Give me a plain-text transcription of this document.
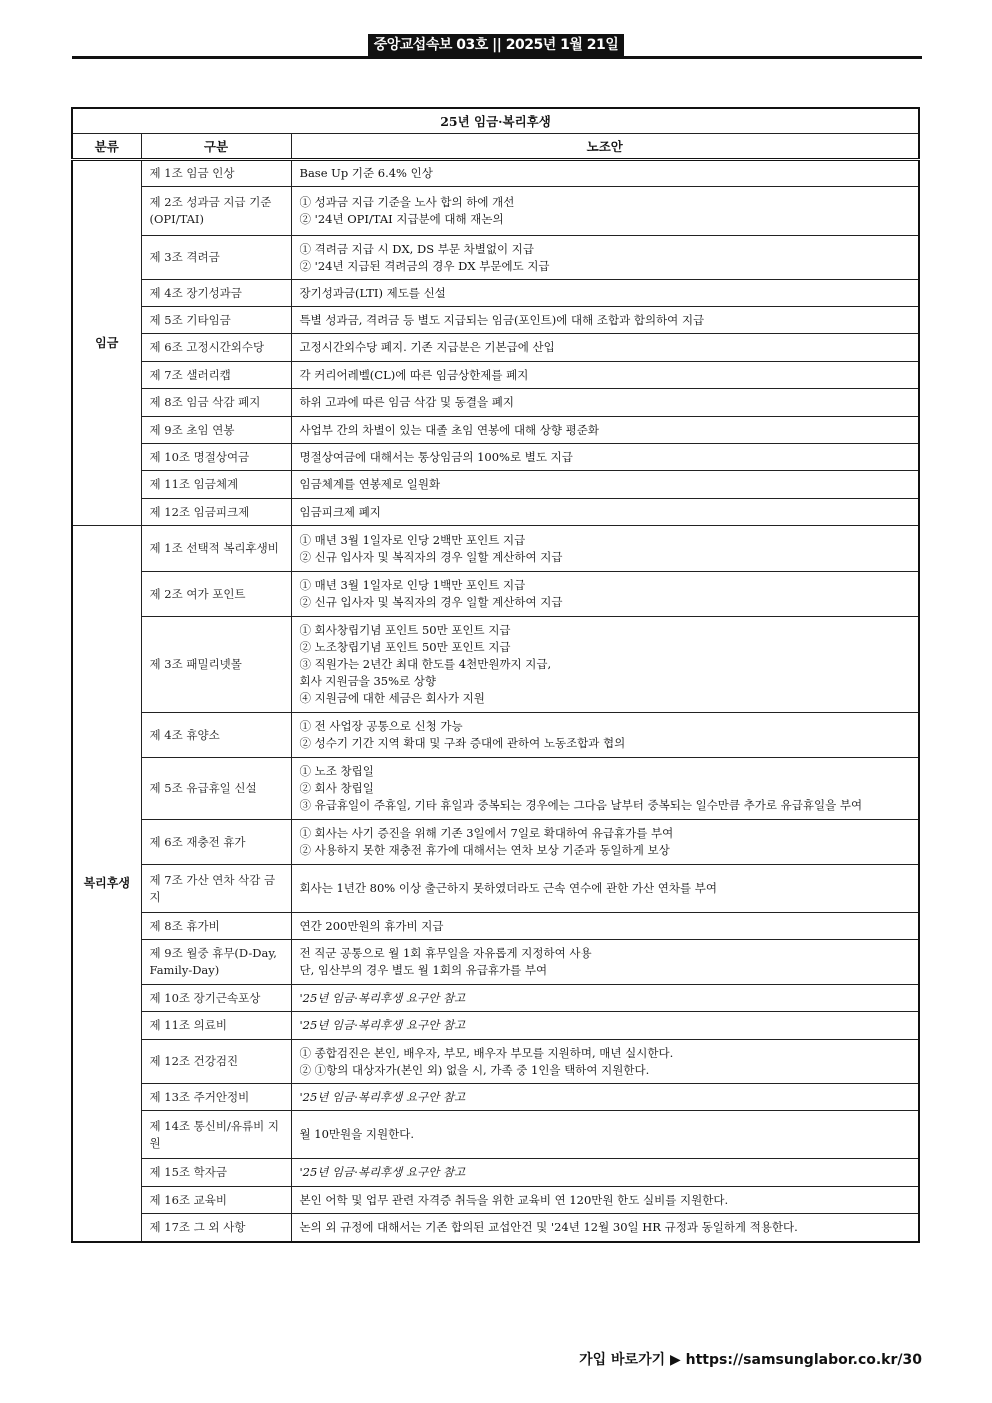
중앙교섭속보 03호 || 2025년 1월 21일
25년 임금·복리후생		
분류	구분	노조안
임금	제 1조 임금 인상	Base Up 기준 6.4% 인상

	제 2조 성과금 지급 기준(OPI/TAI)	① 성과금 지급 기준을 노사 합의 하에 개선
② '24년 OPI/TAI 지급분에 대해 재논의

	제 3조 격려금	① 격려금 지급 시 DX, DS 부문 차별없이 지급
② '24년 지급된 격려금의 경우 DX 부문에도 지급

	제 4조 장기성과금	장기성과금(LTI) 제도를 신설

	제 5조 기타임금	특별 성과금, 격려금 등 별도 지급되는 임금(포인트)에 대해 조합과 합의하여 지급

	제 6조 고정시간외수당	고정시간외수당 폐지. 기존 지급분은 기본급에 산입

	제 7조 샐러리캡	각 커리어레벨(CL)에 따른 임금상한제를 폐지

	제 8조 임금 삭감 폐지	하위 고과에 따른 임금 삭감 및 동결을 폐지

	제 9조 초임 연봉	사업부 간의 차별이 있는 대졸 초임 연봉에 대해 상향 평준화

	제 10조 명절상여금	명절상여금에 대해서는 통상임금의 100%로 별도 지급

	제 11조 임금체계	임금체계를 연봉제로 일원화

	제 12조 임금피크제	임금피크제 폐지

복리후생	제 1조 선택적 복리후생비	① 매년 3월 1일자로 인당 2백만 포인트 지급
② 신규 입사자 및 복직자의 경우 일할 계산하여 지급

	제 2조 여가 포인트	① 매년 3월 1일자로 인당 1백만 포인트 지급
② 신규 입사자 및 복직자의 경우 일할 계산하여 지급

	제 3조 패밀리넷몰	① 회사창립기념 포인트 50만 포인트 지급
② 노조창립기념 포인트 50만 포인트 지급
③ 직원가는 2년간 최대 한도를 4천만원까지 지급,
회사 지원금을 35%로 상향
④ 지원금에 대한 세금은 회사가 지원

	제 4조 휴양소	① 전 사업장 공통으로 신청 가능
② 성수기 기간 지역 확대 및 구좌 증대에 관하여 노동조합과 협의

	제 5조 유급휴일 신설	① 노조 창립일
② 회사 창립일
③ 유급휴일이 주휴일, 기타 휴일과 중복되는 경우에는 그다음 날부터 중복되는 일수만큼 추가로 유급휴일을 부여

	제 6조 재충전 휴가	① 회사는 사기 증진을 위해 기존 3일에서 7일로 확대하여 유급휴가를 부여
② 사용하지 못한 재충전 휴가에 대해서는 연차 보상 기준과 동일하게 보상

	제 7조 가산 연차 삭감 금지	회사는 1년간 80% 이상 출근하지 못하였더라도 근속 연수에 관한 가산 연차를 부여

	제 8조 휴가비	연간 200만원의 휴가비 지급

	제 9조 월중 휴무(D-Day, Family-Day)	전 직군 공통으로 월 1회 휴무일을 자유롭게 지정하여 사용
단, 임산부의 경우 별도 월 1회의 유급휴가를 부여

	제 10조 장기근속포상	'25년 임금·복리후생 요구안 참고

	제 11조 의료비	'25년 임금·복리후생 요구안 참고

	제 12조 건강검진	① 종합검진은 본인, 배우자, 부모, 배우자 부모를 지원하며, 매년 실시한다.
② ①항의 대상자가(본인 외) 없을 시, 가족 중 1인을 택하여 지원한다.

	제 13조 주거안정비	'25년 임금·복리후생 요구안 참고

	제 14조 통신비/유류비 지원	월 10만원을 지원한다.

	제 15조 학자금	'25년 임금·복리후생 요구안 참고

	제 16조 교육비	본인 어학 및 업무 관련 자격증 취득을 위한 교육비 연 120만원 한도 실비를 지원한다.

	제 17조 그 외 사항	논의 외 규정에 대해서는 기존 합의된 교섭안건 및 '24년 12월 30일 HR 규정과 동일하게 적용한다.
가입 바로가기 ▶ https://samsunglabor.co.kr/30
